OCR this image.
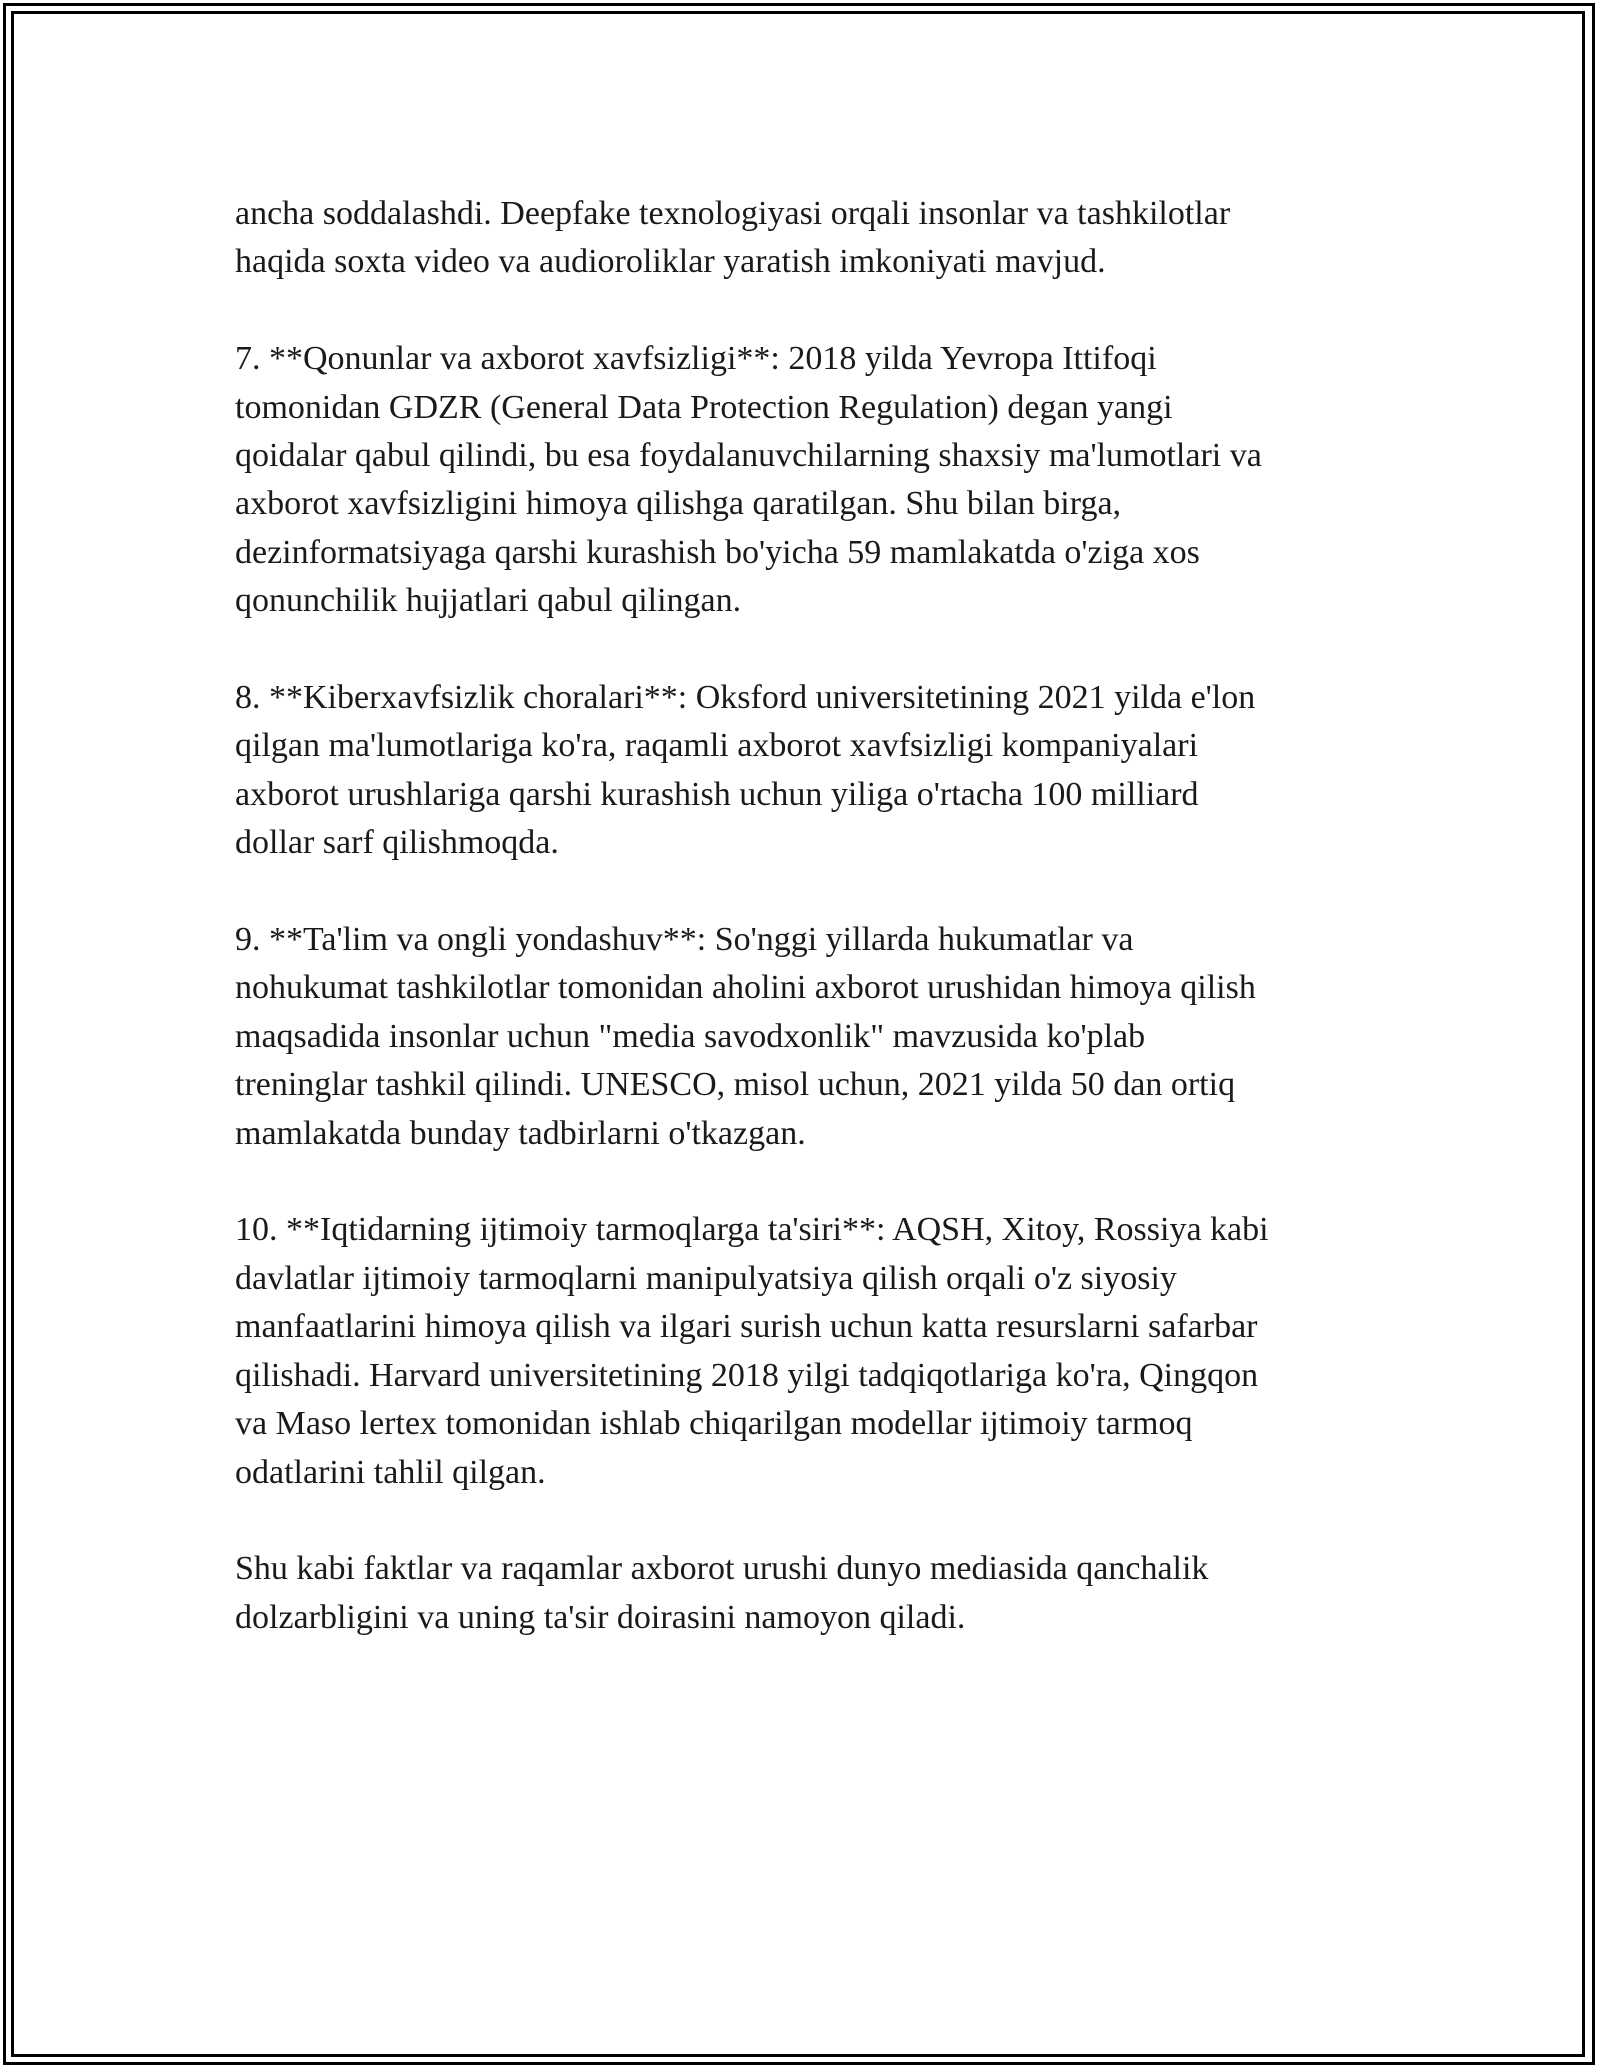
ancha soddalashdi. Deepfake texnologiyasi orqali insonlar va tashkilotlar
haqida soxta video va audioroliklar yaratish imkoniyati mavjud.

7. **Qonunlar va axborot xavfsizligi**: 2018 yilda Yevropa Ittifoqi
tomonidan GDZR (General Data Protection Regulation) degan yangi
qoidalar qabul qilindi, bu esa foydalanuvchilarning shaxsiy ma'lumotlari va
axborot xavfsizligini himoya qilishga qaratilgan. Shu bilan birga,
dezinformatsiyaga qarshi kurashish bo'yicha 59 mamlakatda o'ziga xos
qonunchilik hujjatlari qabul qilingan.

8. **Kiberxavfsizlik choralari**: Oksford universitetining 2021 yilda e'lon
qilgan ma'lumotlariga ko'ra, raqamli axborot xavfsizligi kompaniyalari
axborot urushlariga qarshi kurashish uchun yiliga o'rtacha 100 milliard
dollar sarf qilishmoqda.

9. **Ta'lim va ongli yondashuv**: So'nggi yillarda hukumatlar va
nohukumat tashkilotlar tomonidan aholini axborot urushidan himoya qilish
maqsadida insonlar uchun "media savodxonlik" mavzusida ko'plab
treninglar tashkil qilindi. UNESCO, misol uchun, 2021 yilda 50 dan ortiq
mamlakatda bunday tadbirlarni o'tkazgan.

10. **Iqtidarning ijtimoiy tarmoqlarga ta'siri**: AQSH, Xitoy, Rossiya kabi
davlatlar ijtimoiy tarmoqlarni manipulyatsiya qilish orqali o'z siyosiy
manfaatlarini himoya qilish va ilgari surish uchun katta resurslarni safarbar
qilishadi. Harvard universitetining 2018 yilgi tadqiqotlariga ko'ra, Qingqon
va Maso lertex tomonidan ishlab chiqarilgan modellar ijtimoiy tarmoq
odatlarini tahlil qilgan.

Shu kabi faktlar va raqamlar axborot urushi dunyo mediasida qanchalik
dolzarbligini va uning ta'sir doirasini namoyon qiladi.
